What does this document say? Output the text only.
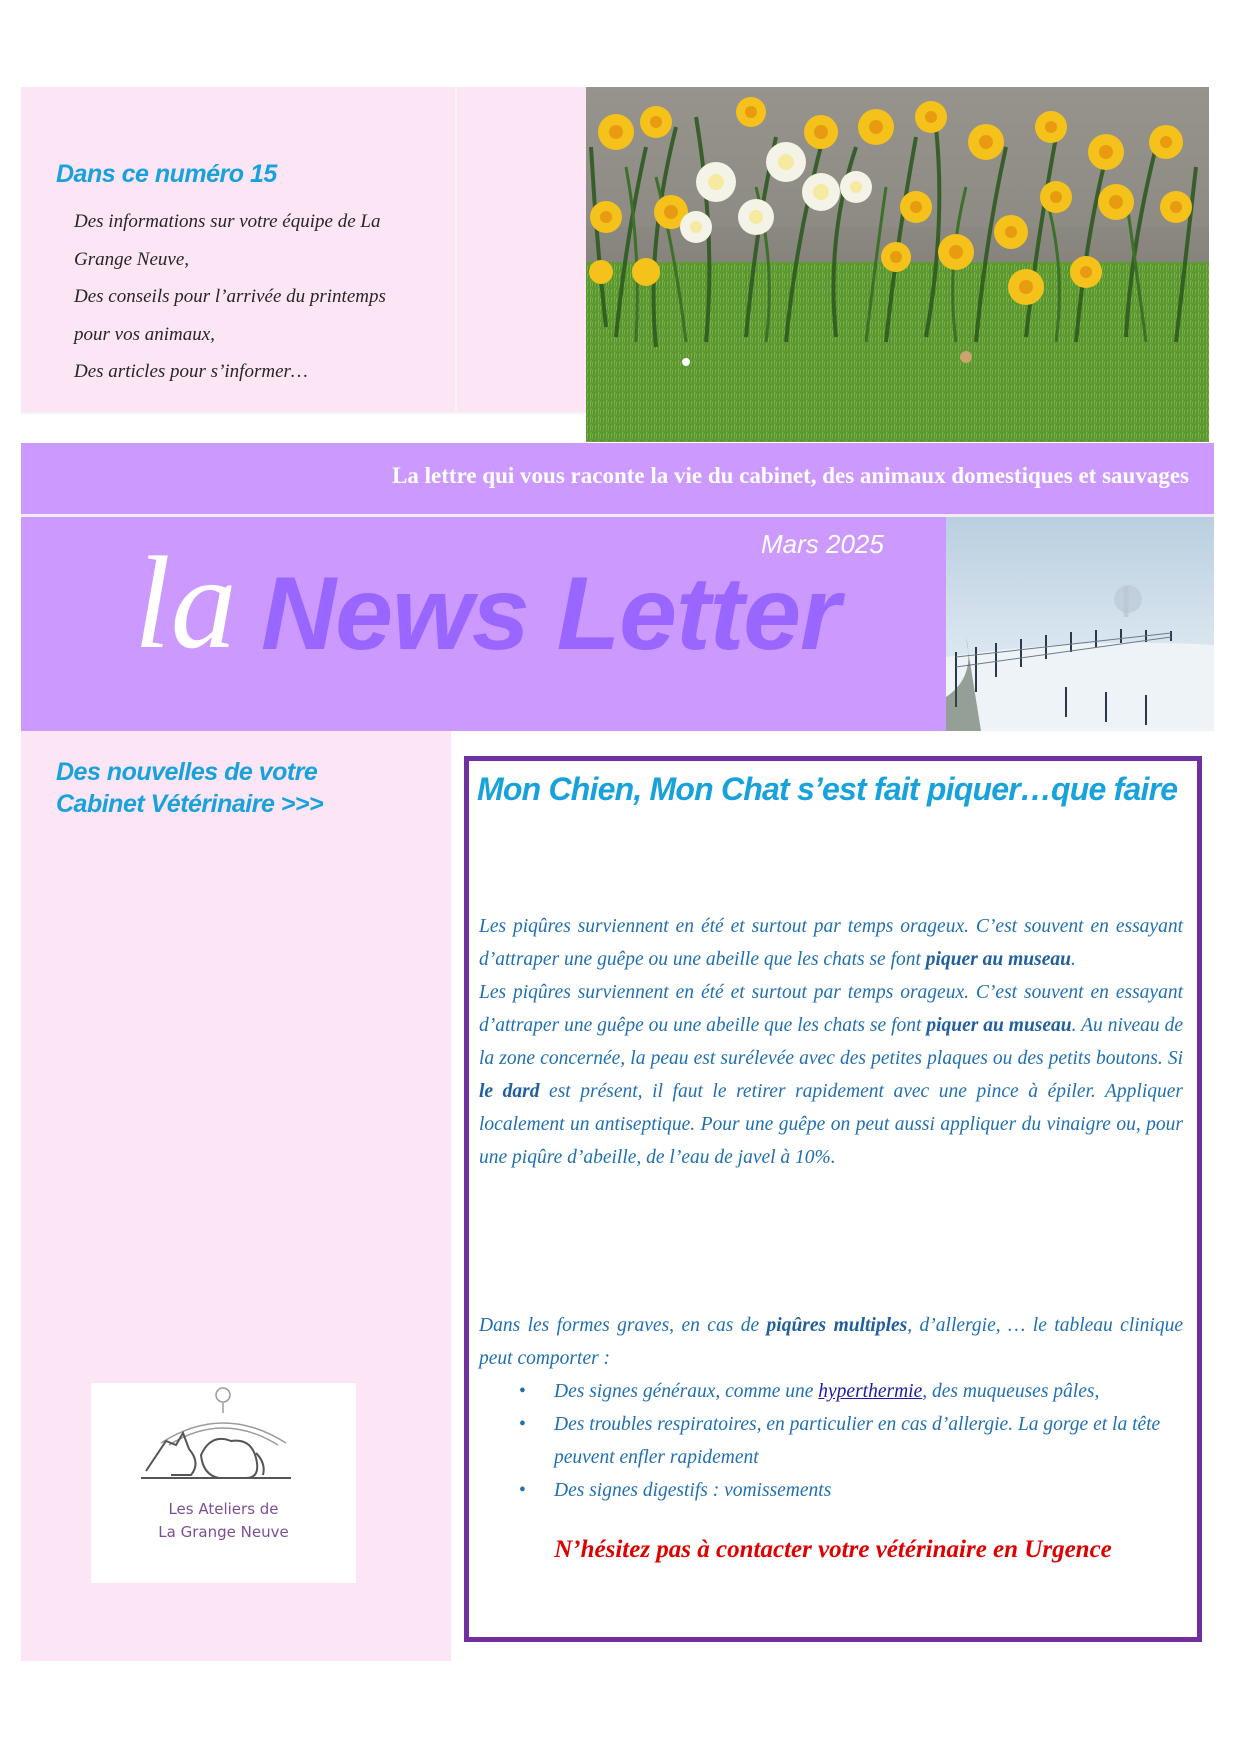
Dans ce numéro 15
Des informations sur votre équipe de La
Grange Neuve,
Des conseils pour l’arrivée du printemps
pour vos animaux,
Des articles pour s’informer…
La lettre qui vous raconte la vie du cabinet, des animaux domestiques et sauvages
Mars 2025
la News Letter
Des nouvelles de votre
Cabinet Vétérinaire >>>
Les Ateliers de
La Grange Neuve
Mon Chien, Mon Chat s’est fait piquer…que faire
Les piqûres surviennent en été et surtout par temps orageux. C’est souvent en essayant d’attraper une guêpe ou une abeille que les chats se font piquer au museau.
Les piqûres surviennent en été et surtout par temps orageux. C’est souvent en essayant d’attraper une guêpe ou une abeille que les chats se font piquer au museau. Au niveau de la zone concernée, la peau est surélevée avec des petites plaques ou des petits boutons. Si le dard est présent, il faut le retirer rapidement avec une pince à épiler. Appliquer localement un antiseptique. Pour une guêpe on peut aussi appliquer du vinaigre ou, pour une piqûre d’abeille, de l’eau de javel à 10%.
Dans les formes graves, en cas de piqûres multiples, d’allergie, … le tableau clinique peut comporter :
• Des signes généraux, comme une hyperthermie, des muqueuses pâles,
• Des troubles respiratoires, en particulier en cas d’allergie. La gorge et la tête peuvent enfler rapidement
• Des signes digestifs : vomissements
N’hésitez pas à contacter votre vétérinaire en Urgence
